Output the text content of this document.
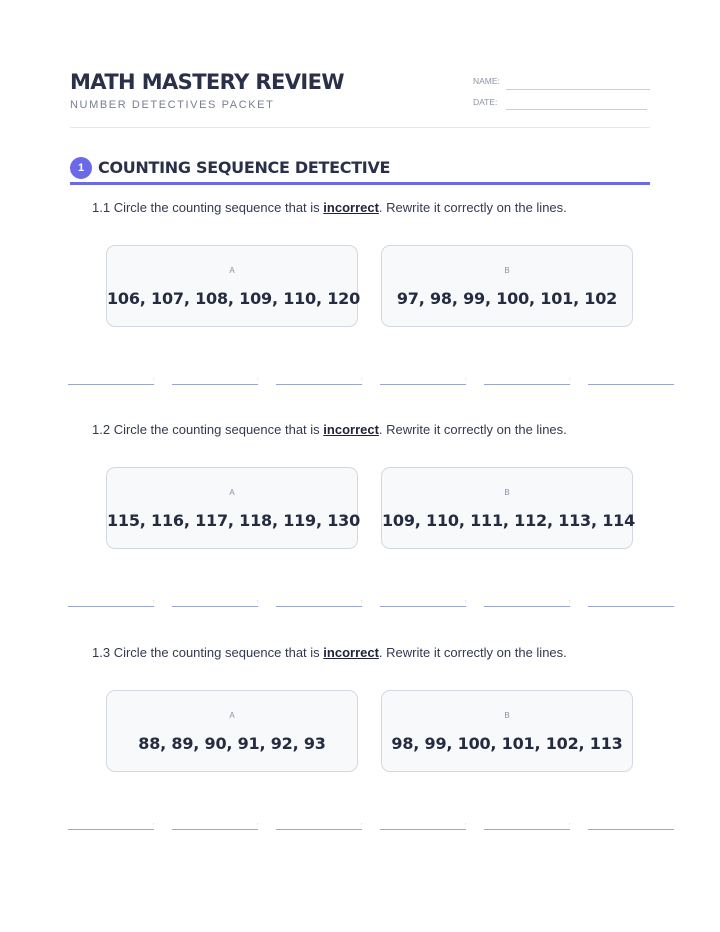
MATH MASTERY REVIEW
NUMBER DETECTIVES PACKET
NAME:
DATE:
1 COUNTING SEQUENCE DETECTIVE
1.1 Circle the counting sequence that is incorrect. Rewrite it correctly on the lines.
A
106, 107, 108, 109, 110, 120
B
97, 98, 99, 100, 101, 102
,	,	,	,	,
1.2 Circle the counting sequence that is incorrect. Rewrite it correctly on the lines.
A
115, 116, 117, 118, 119, 130
B
109, 110, 111, 112, 113, 114
,	,	,	,	,
1.3 Circle the counting sequence that is incorrect. Rewrite it correctly on the lines.
A
88, 89, 90, 91, 92, 93
B
98, 99, 100, 101, 102, 113
,	,	,	,	,
